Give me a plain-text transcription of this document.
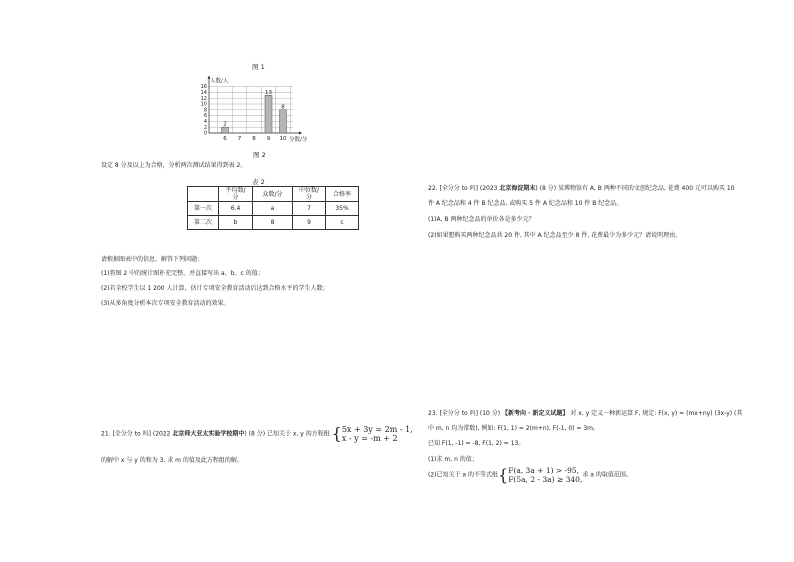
图 1
0
2
4
6
8
10
12
14
16
人数/人
分数/分
2
6 7 8
13
9
8
10
图 2
设定 8 分及以上为合格，分析两次测试结果得到表 2。
表 2

	平均数/分	众数/分	中位数/分	合格率
第一次	6.4	a	7	35%
第二次	b	8	9	c
请根据图表中的信息，解答下列问题：
(1)将图 2 中的统计图补充完整，并直接写出 a、b、c 的值；
(2)若全校学生以 1 200 人计算，估计专项安全教育活动后达到合格水平的学生人数；
(3)从多角度分析本次专项安全教育活动的效果。
21. [全分分 to 吗] (2022 北京师大亚太实验学校期中) (8 分) 已知关于 x, y 的方程组 { 5x + 3y = 2m - 1,
x - y = -m + 2
的解中 x 与 y 的和为 3, 求 m 的值及此方程组的解。
22. [全分分 to 吗] (2023 北京海淀期末) (8 分) 某博物馆有 A, B 两种不同的文创纪念品, 花费 400 元可以购买 10
件 A 纪念品和 4 件 B 纪念品, 或购买 5 件 A 纪念品和 10 件 B 纪念品。
(1)A, B 两种纪念品的单价各是多少元？
(2)如果想购买两种纪念品共 20 件, 其中 A 纪念品至少 8 件, 花费最少为多少元？请说明理由。
23. [全分分 to 吗] (10 分) 【新考向 · 新定义试题】 对 x, y 定义一种新运算 F, 规定: F(x, y) = (mx+ny) (3x-y) (其
中 m, n 均为常数), 例如: F(1, 1) = 2(m+n), F(-1, 0) = 3m。
已知 F(1, -1) = -8, F(1, 2) = 13。
(1)求 m, n 的值；
(2)已知关于 a 的不等式组{ F(a, 3a + 1) > -95,
F(5a, 2 - 3a) ≥ 340, 求 a 的取值范围。
